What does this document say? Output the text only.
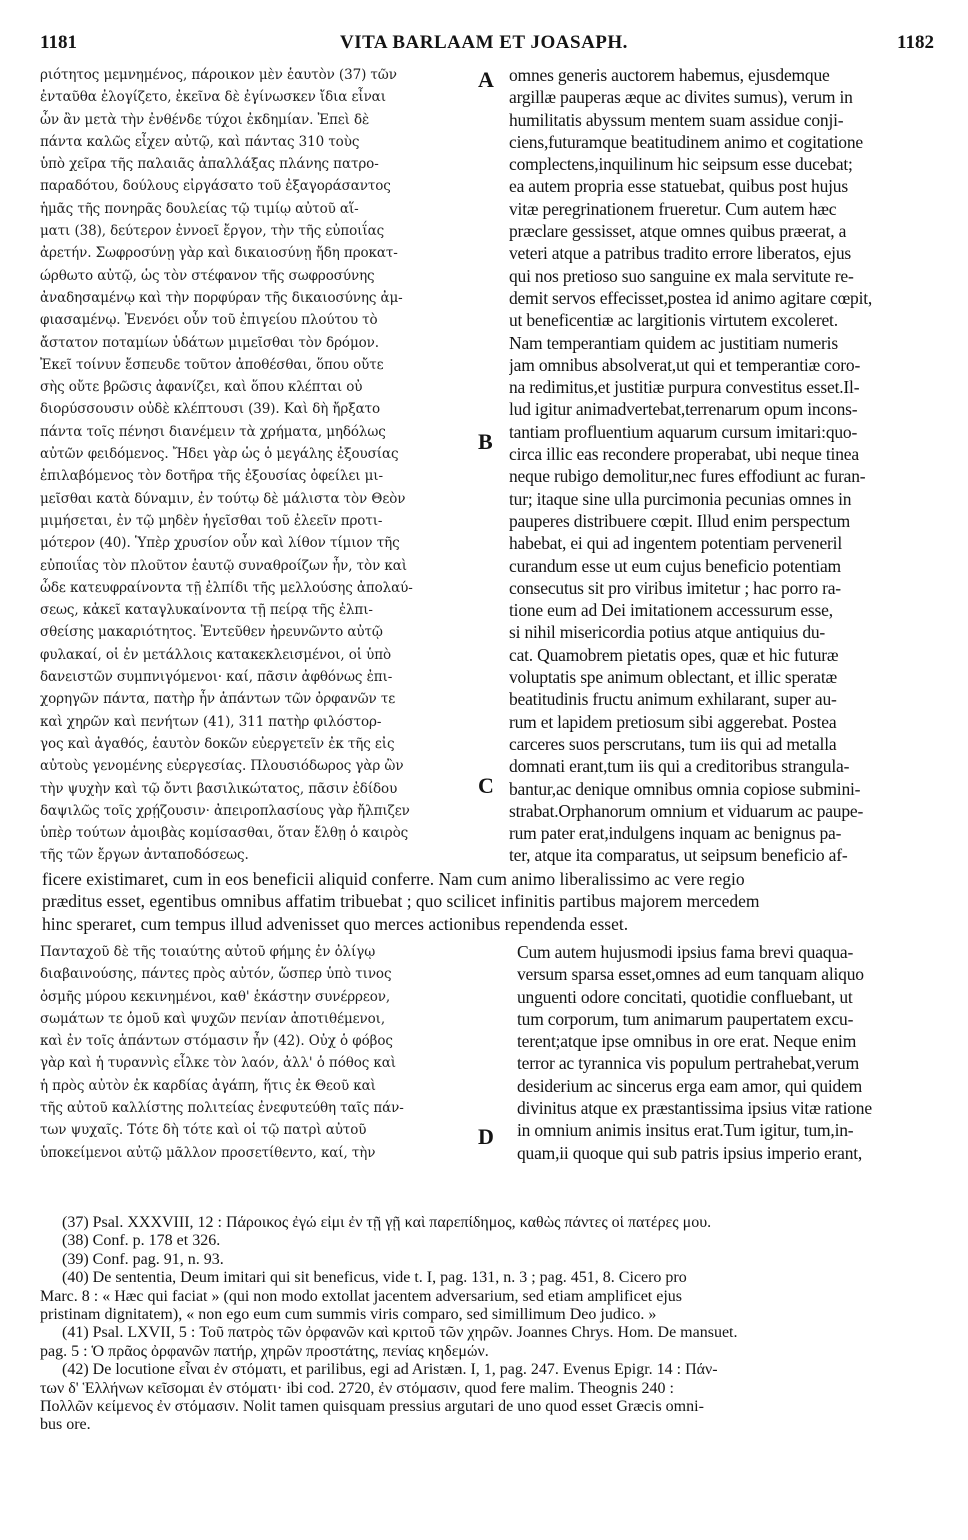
1181	VITA BARLAAM ET JOASAPH.	1182
ριότητος μεμνημένος, πάροικον μὲν ἑαυτὸν (37) τῶν
ἐνταῦθα ἐλογίζετο, ἐκεῖνα δὲ ἐγίνωσκεν ἴδια εἶναι
ὧν ἂν μετὰ τὴν ἐνθένδε τύχοι ἐκδημίαν. Ἐπεὶ δὲ
πάντα καλῶς εἶχεν αὐτῷ, καὶ πάντας 310 τοὺς
ὑπὸ χεῖρα τῆς παλαιᾶς ἀπαλλάξας πλάνης πατρο-
παραδότου, δούλους εἰργάσατο τοῦ ἐξαγοράσαντος
ἡμᾶς τῆς πονηρᾶς δουλείας τῷ τιμίῳ αὐτοῦ αἵ-
ματι (38), δεύτερον ἐννοεῖ ἔργον, τὴν τῆς εὐποιΐας
ἀρετήν. Σωφροσύνῃ γὰρ καὶ δικαιοσύνῃ ἤδη προκατ-
ώρθωτο αὐτῷ, ὡς τὸν στέφανον τῆς σωφροσύνης
ἀναδησαμένῳ καὶ τὴν πορφύραν τῆς δικαιοσύνης ἀμ-
φιασαμένῳ. Ἐνενόει οὖν τοῦ ἐπιγείου πλούτου τὸ
ἄστατον ποταμίων ὑδάτων μιμεῖσθαι τὸν δρόμον.
Ἐκεῖ τοίνυν ἔσπευδε τοῦτον ἀποθέσθαι, ὅπου οὔτε
σὴς οὔτε βρῶσις ἀφανίζει, καὶ ὅπου κλέπται οὐ
διορύσσουσιν οὐδὲ κλέπτουσι (39). Καὶ δὴ ἤρξατο
πάντα τοῖς πένησι διανέμειν τὰ χρήματα, μηδόλως
αὐτῶν φειδόμενος. Ἤδει γὰρ ὡς ὁ μεγάλης ἐξουσίας
ἐπιλαβόμενος τὸν δοτῆρα τῆς ἐξουσίας ὀφείλει μι-
μεῖσθαι κατὰ δύναμιν, ἐν τούτῳ δὲ μάλιστα τὸν Θεὸν
μιμήσεται, ἐν τῷ μηδὲν ἡγεῖσθαι τοῦ ἐλεεῖν προτι-
μότερον (40). Ὑπὲρ χρυσίον οὖν καὶ λίθον τίμιον τῆς
εὐποιΐας τὸν πλοῦτον ἑαυτῷ συναθροίζων ἦν, τὸν καὶ
ὧδε κατευφραίνοντα τῇ ἐλπίδι τῆς μελλούσης ἀπολαύ-
σεως, κἀκεῖ καταγλυκαίνοντα τῇ πείρᾳ τῆς ἐλπι-
σθείσης μακαριότητος. Ἐντεῦθεν ἠρευνῶντο αὐτῷ
φυλακαί, οἱ ἐν μετάλλοις κατακεκλεισμένοι, οἱ ὑπὸ
δανειστῶν συμπνιγόμενοι· καί, πᾶσιν ἀφθόνως ἐπι-
χορηγῶν πάντα, πατὴρ ἦν ἁπάντων τῶν ὀρφανῶν τε
καὶ χηρῶν καὶ πενήτων (41), 311 πατὴρ φιλόστορ-
γος καὶ ἀγαθός, ἑαυτὸν δοκῶν εὐεργετεῖν ἐκ τῆς εἰς
αὐτοὺς γενομένης εὐεργεσίας. Πλουσιόδωρος γὰρ ὢν
τὴν ψυχὴν καὶ τῷ ὄντι βασιλικώτατος, πᾶσιν ἐδίδου
δαψιλῶς τοῖς χρῄζουσιν· ἀπειροπλασίους γὰρ ἤλπιζεν
ὑπὲρ τούτων ἀμοιβὰς κομίσασθαι, ὅταν ἔλθῃ ὁ καιρὸς
τῆς τῶν ἔργων ἀνταποδόσεως.
omnes generis auctorem habemus, ejusdemque
argillæ pauperas æque ac divites sumus), verum in
humilitatis abyssum mentem suam assidue conji-
ciens,futuramque beatitudinem animo et cogitatione
complectens,inquilinum hic seipsum esse ducebat;
ea autem propria esse statuebat, quibus post hujus
vitæ peregrinationem frueretur. Cum autem hæc
præclare gessisset, atque omnes quibus præerat, a
veteri atque a patribus tradito errore liberatos, ejus
qui nos pretioso suo sanguine ex mala servitute re-
demit servos effecisset,postea id animo agitare cœpit,
ut beneficentiæ ac largitionis virtutem excoleret.
Nam temperantiam quidem ac justitiam numeris
jam omnibus absolverat,ut qui et temperantiæ coro-
na redimitus,et justitiæ purpura convestitus esset.Il-
lud igitur animadvertebat,terrenarum opum incons-
tantiam profluentium aquarum cursum imitari:quo-
circa illic eas recondere properabat, ubi neque tinea
neque rubigo demolitur,nec fures effodiunt ac furan-
tur; itaque sine ulla purcimonia pecunias omnes in
pauperes distribuere cœpit. Illud enim perspectum
habebat, ei qui ad ingentem potentiam perveneril
curandum esse ut eum cujus beneficio potentiam
consecutus sit pro viribus imitetur ; hac porro ra-
tione eum ad Dei imitationem accessurum esse,
si nihil misericordia potius atque antiquius du-
cat. Quamobrem pietatis opes, quæ et hic futuræ
voluptatis spe animum oblectant, et illic speratæ
beatitudinis fructu animum exhilarant, super au-
rum et lapidem pretiosum sibi aggerebat. Postea
carceres suos perscrutans, tum iis qui ad metalla
domnati erant,tum iis qui a creditoribus strangula-
bantur,ac denique omnibus omnia copiose submini-
strabat.Orphanorum omnium et viduarum ac paupe-
rum pater erat,indulgens inquam ac benignus pa-
ter, atque ita comparatus, ut seipsum beneficio af-
ficere existimaret, cum in eos beneficii aliquid conferre. Nam cum animo liberalissimo ac vere regio
præditus esset, egentibus omnibus affatim tribuebat ; quo scilicet infinitis partibus majorem mercedem
hinc speraret, cum tempus illud advenisset quo merces actionibus rependenda esset.
Πανταχοῦ δὲ τῆς τοιαύτης αὐτοῦ φήμης ἐν ὀλίγῳ
διαβαινούσης, πάντες πρὸς αὐτόν, ὥσπερ ὑπὸ τινος
ὀσμῆς μύρου κεκινημένοι, καθ' ἑκάστην συνέρρεον,
σωμάτων τε ὁμοῦ καὶ ψυχῶν πενίαν ἀποτιθέμενοι,
καὶ ἐν τοῖς ἁπάντων στόμασιν ἦν (42). Οὐχ ὁ φόβος
γὰρ καὶ ἡ τυραννὶς εἷλκε τὸν λαόν, ἀλλ' ὁ πόθος καὶ
ἡ πρὸς αὐτὸν ἐκ καρδίας ἀγάπη, ἥτις ἐκ Θεοῦ καὶ
τῆς αὐτοῦ καλλίστης πολιτείας ἐνεφυτεύθη ταῖς πάν-
των ψυχαῖς. Τότε δὴ τότε καὶ οἱ τῷ πατρὶ αὐτοῦ
ὑποκείμενοι αὐτῷ μᾶλλον προσετίθεντο, καί, τὴν
Cum autem hujusmodi ipsius fama brevi quaqua-
versum sparsa esset,omnes ad eum tanquam aliquo
unguenti odore concitati, quotidie confluebant, ut
tum corporum, tum animarum paupertatem excu-
terent;atque ipse omnibus in ore erat. Neque enim
terror ac tyrannica vis populum pertrahebat,verum
desiderium ac sincerus erga eam amor, qui quidem
divinitus atque ex præstantissima ipsius vitæ ratione
in omnium animis insitus erat.Tum igitur, tum,in-
quam,ii quoque qui sub patris ipsius imperio erant,
A
B
C
D
(37) Psal. XXXVIII, 12 : Πάροικος ἐγώ εἰμι ἐν τῇ γῇ καὶ παρεπίδημος, καθὼς πάντες οἱ πατέρες μου.
(38) Conf. p. 178 et 326.
(39) Conf. pag. 91, n. 93.
(40) De sententia, Deum imitari qui sit beneficus, vide t. I, pag. 131, n. 3 ; pag. 451, 8. Cicero pro
Marc. 8 : « Hæc qui faciat » (qui non modo extollat jacentem adversarium, sed etiam amplificet ejus
pristinam dignitatem), « non ego eum cum summis viris comparo, sed simillimum Deo judico. »
(41) Psal. LXVII, 5 : Τοῦ πατρὸς τῶν ὀρφανῶν καὶ κριτοῦ τῶν χηρῶν. Joannes Chrys. Hom. De mansuet.
pag. 5 : Ὁ πρᾶος ὀρφανῶν πατήρ, χηρῶν προστάτης, πενίας κηδεμών.
(42) De locutione εἶναι ἐν στόματι, et parilibus, egi ad Aristæn. I, 1, pag. 247. Evenus Epigr. 14 : Πάν-
των δ' Ἑλλήνων κεῖσομαι ἐν στόματι· ibi cod. 2720, ἐν στόμασιν, quod fere malim. Theognis 240 :
Πολλῶν κείμενος ἐν στόμασιν. Nolit tamen quisquam pressius argutari de uno quod esset Græcis omni-
bus ore.
